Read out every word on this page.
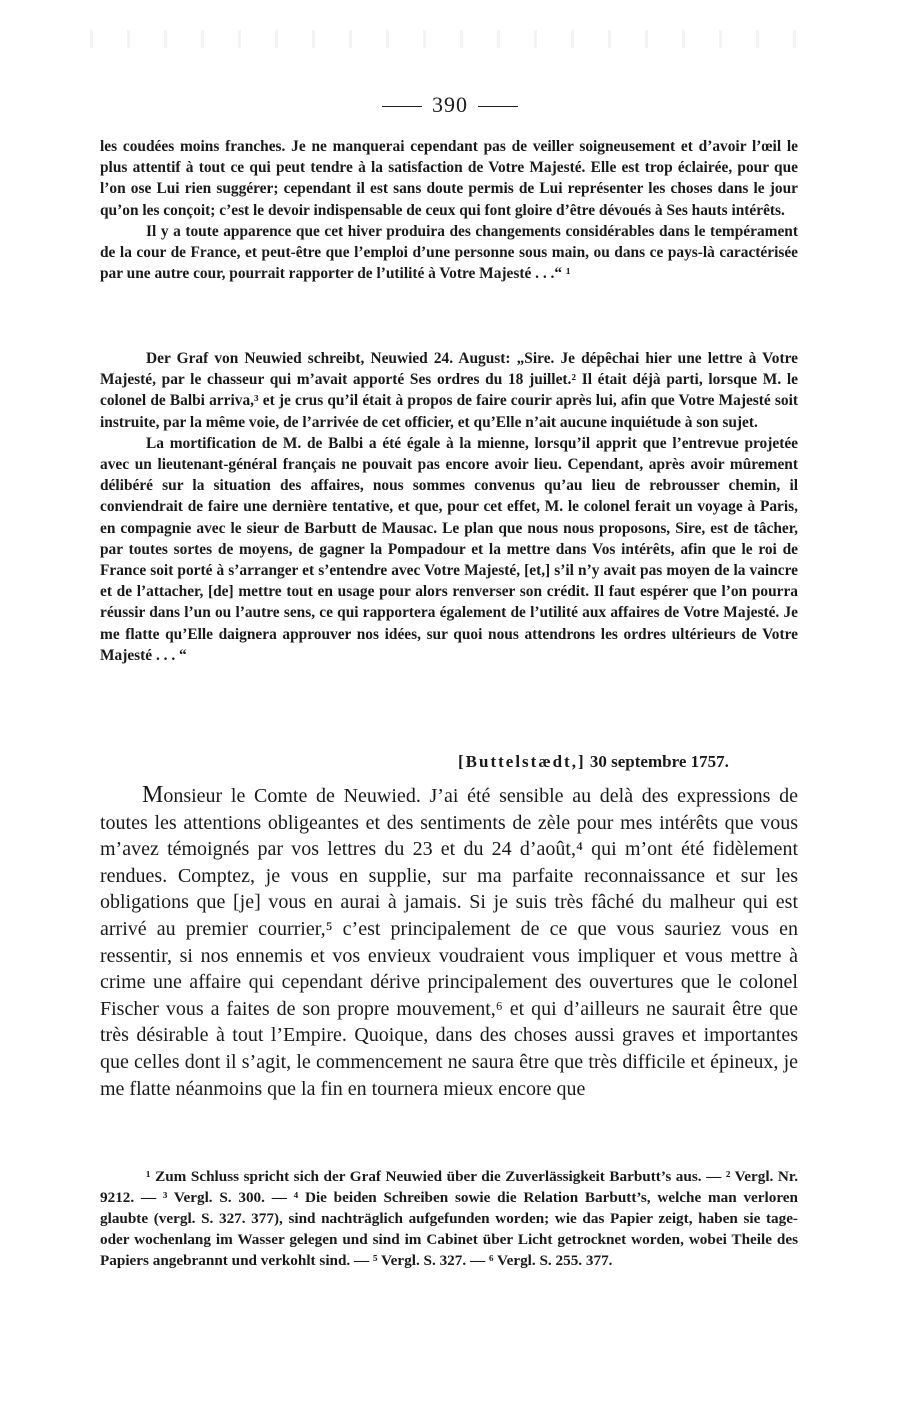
390

les coudées moins franches. Je ne manquerai cependant pas de veiller soigneusement et d’avoir l’œil le plus attentif à tout ce qui peut tendre à la satisfaction de Votre Majesté. Elle est trop éclairée, pour que l’on ose Lui rien suggérer; cependant il est sans doute permis de Lui représenter les choses dans le jour qu’on les conçoit; c’est le devoir indispensable de ceux qui font gloire d’être dévoués à Ses hauts intérêts.

Il y a toute apparence que cet hiver produira des changements considérables dans le tempérament de la cour de France, et peut-être que l’emploi d’une personne sous main, ou dans ce pays-là caractérisée par une autre cour, pourrait rapporter de l’utilité à Votre Majesté . . .“ ¹

Der Graf von Neuwied schreibt, Neuwied 24. August: „Sire. Je dépêchai hier une lettre à Votre Majesté, par le chasseur qui m’avait apporté Ses ordres du 18 juillet.² Il était déjà parti, lorsque M. le colonel de Balbi arriva,³ et je crus qu’il était à propos de faire courir après lui, afin que Votre Majesté soit instruite, par la même voie, de l’arrivée de cet officier, et qu’Elle n’ait aucune inquiétude à son sujet.

La mortification de M. de Balbi a été égale à la mienne, lorsqu’il apprit que l’entrevue projetée avec un lieutenant-général français ne pouvait pas encore avoir lieu. Cependant, après avoir mûrement délibéré sur la situation des affaires, nous sommes convenus qu’au lieu de rebrousser chemin, il conviendrait de faire une dernière tentative, et que, pour cet effet, M. le colonel ferait un voyage à Paris, en compagnie avec le sieur de Barbutt de Mausac. Le plan que nous nous proposons, Sire, est de tâcher, par toutes sortes de moyens, de gagner la Pompadour et la mettre dans Vos intérêts, afin que le roi de France soit porté à s’arranger et s’entendre avec Votre Majesté, [et,] s’il n’y avait pas moyen de la vaincre et de l’attacher, [de] mettre tout en usage pour alors renverser son crédit. Il faut espérer que l’on pourra réussir dans l’un ou l’autre sens, ce qui rapportera également de l’utilité aux affaires de Votre Majesté. Je me flatte qu’Elle daignera approuver nos idées, sur quoi nous attendrons les ordres ultérieurs de Votre Majesté . . . “

[Buttelstædt,] 30 septembre 1757.

Monsieur le Comte de Neuwied. J’ai été sensible au delà des expressions de toutes les attentions obligeantes et des sentiments de zèle pour mes intérêts que vous m’avez témoignés par vos lettres du 23 et du 24 d’août,⁴ qui m’ont été fidèlement rendues. Comptez, je vous en supplie, sur ma parfaite reconnaissance et sur les obligations que [je] vous en aurai à jamais. Si je suis très fâché du malheur qui est arrivé au premier courrier,⁵ c’est principalement de ce que vous sauriez vous en ressentir, si nos ennemis et vos envieux voudraient vous impliquer et vous mettre à crime une affaire qui cependant dérive principalement des ouvertures que le colonel Fischer vous a faites de son propre mouvement,⁶ et qui d’ailleurs ne saurait être que très désirable à tout l’Empire. Quoique, dans des choses aussi graves et importantes que celles dont il s’agit, le commencement ne saura être que très difficile et épineux, je me flatte néanmoins que la fin en tournera mieux encore que

¹ Zum Schluss spricht sich der Graf Neuwied über die Zuverlässigkeit Barbutt’s aus. — ² Vergl. Nr. 9212. — ³ Vergl. S. 300. — ⁴ Die beiden Schreiben sowie die Relation Barbutt’s, welche man verloren glaubte (vergl. S. 327. 377), sind nachträglich aufgefunden worden; wie das Papier zeigt, haben sie tage- oder wochenlang im Wasser gelegen und sind im Cabinet über Licht getrocknet worden, wobei Theile des Papiers angebrannt und verkohlt sind. — ⁵ Vergl. S. 327. — ⁶ Vergl. S. 255. 377.
